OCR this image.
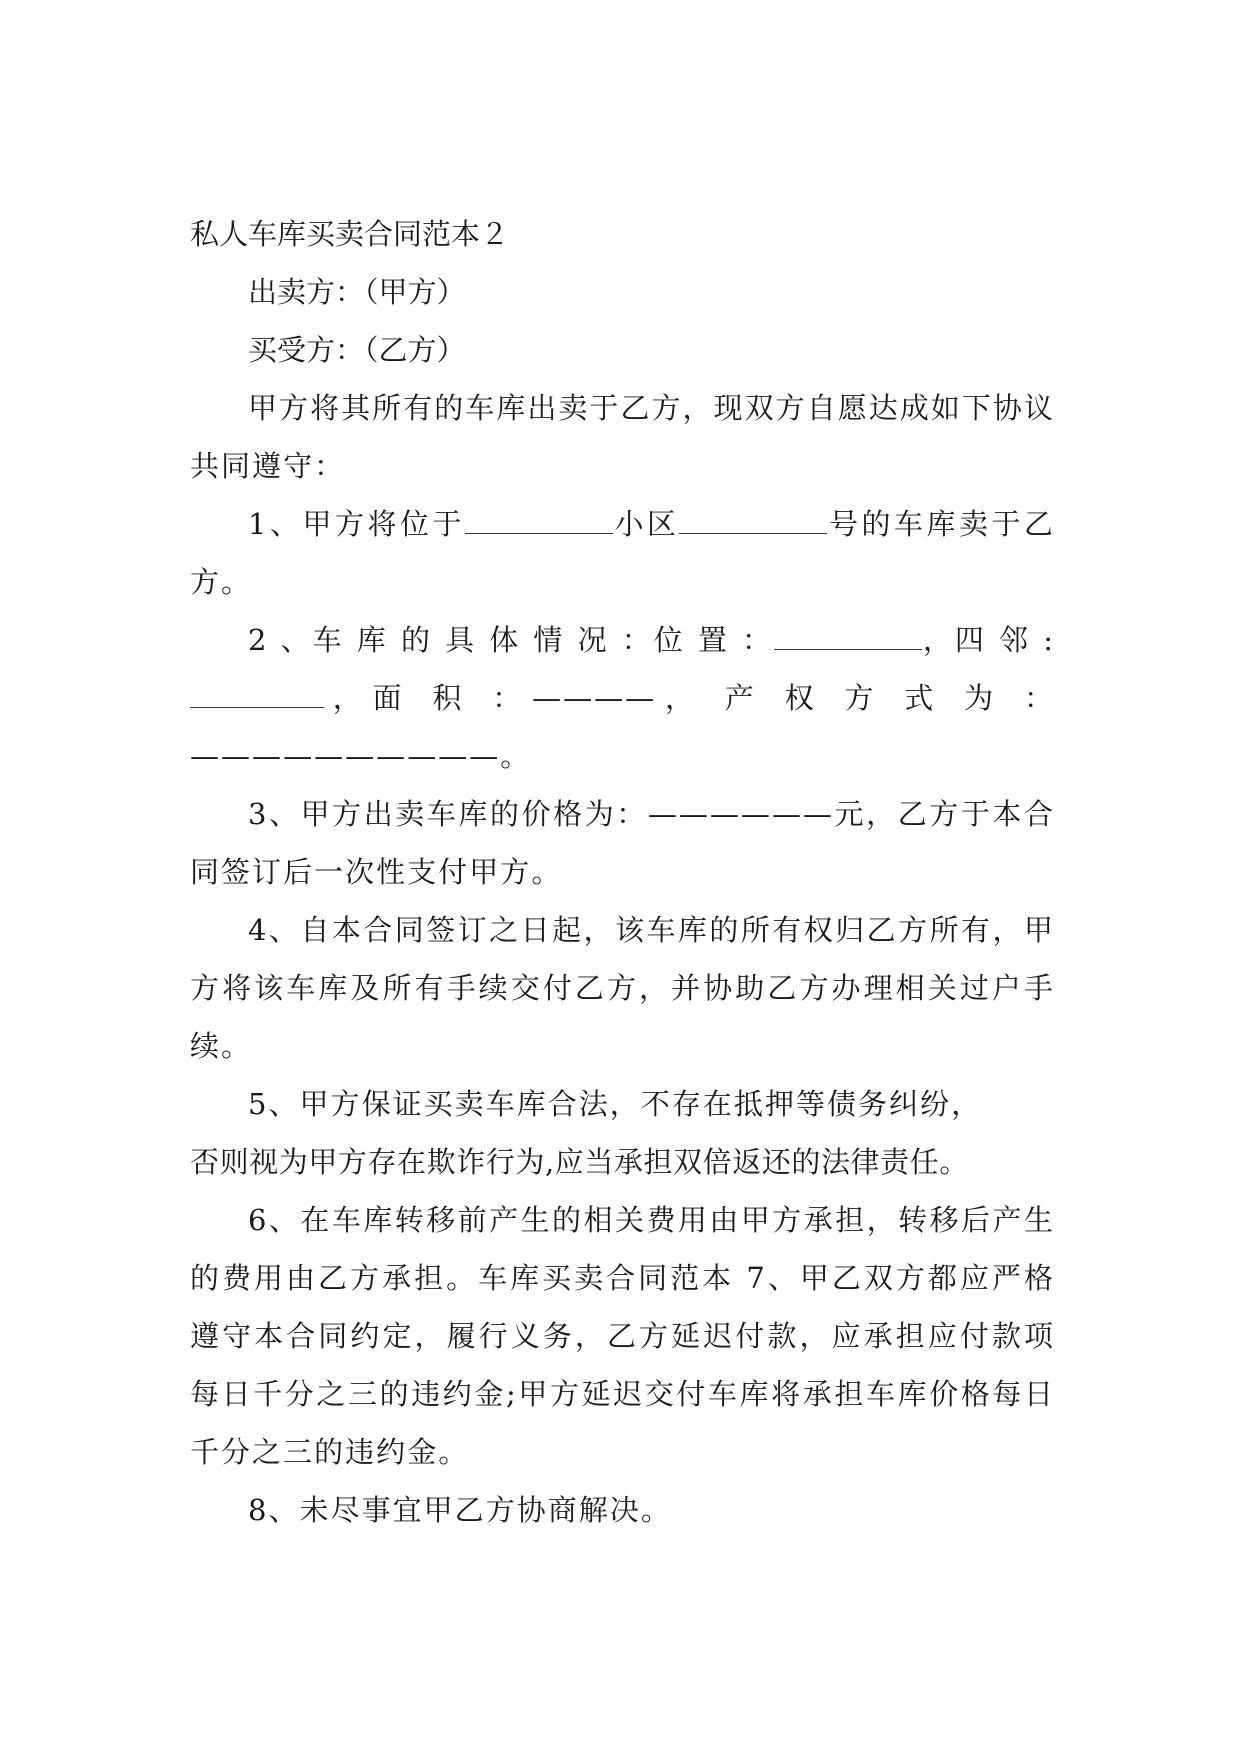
私人车库买卖合同范本２

出卖方：（甲方）

买受方：（乙方）

甲方将其所有的车库出卖于乙方，现双方自愿达成如下协议共同遵守：

1、甲方将位于	小区	号的车库卖于乙方。

2 、车 库 的 具 体 情 况 ：位 置 ：	，四 邻 :，面 积 ：————， 产 权 方 式 为 ：——————————。

3、甲方出卖车库的价格为：——————元，乙方于本合同签订后一次性支付甲方。

4、自本合同签订之日起，该车库的所有权归乙方所有，甲方将该车库及所有手续交付乙方，并协助乙方办理相关过户手续。

5、甲方保证买卖车库合法，不存在抵押等债务纠纷，

否则视为甲方存在欺诈行为,应当承担双倍返还的法律责任。

6、在车库转移前产生的相关费用由甲方承担，转移后产生的费用由乙方承担。车库买卖合同范本 7、甲乙双方都应严格遵守本合同约定，履行义务，乙方延迟付款，应承担应付款项每日千分之三的违约金;甲方延迟交付车库将承担车库价格每日千分之三的违约金。

8、未尽事宜甲乙方协商解决。
